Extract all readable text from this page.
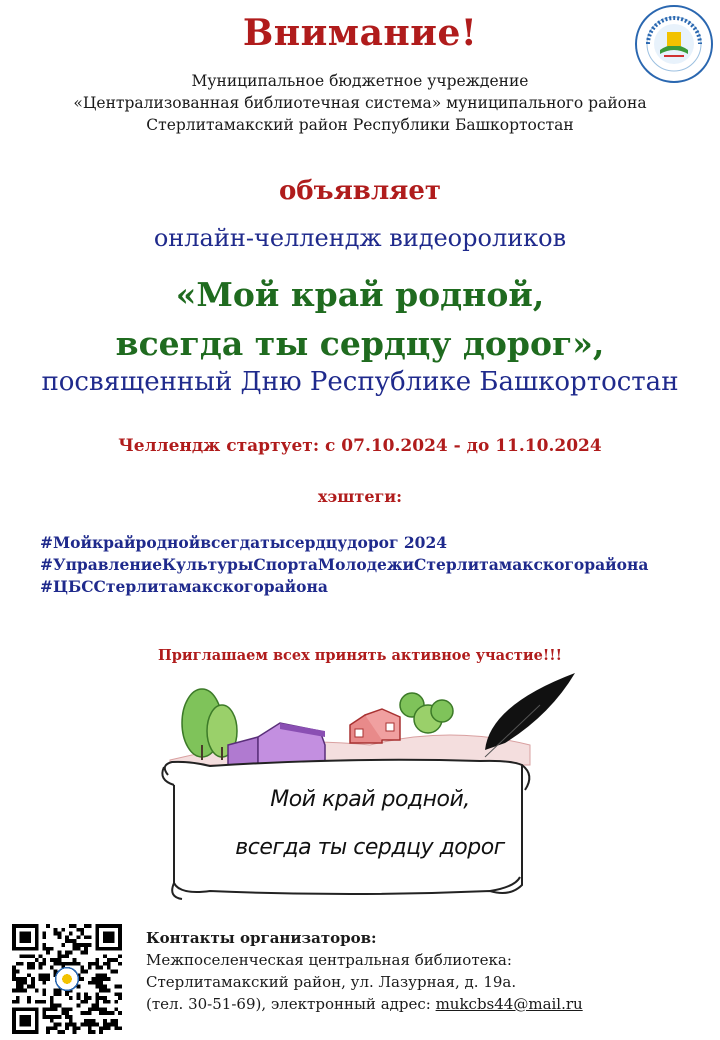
Внимание!
Муниципальное бюджетное учреждение
«Централизованная библиотечная система» муниципального района
Стерлитамакский район Республики Башкортостан
объявляет
онлайн-челлендж видеороликов
«Мой край родной,
всегда ты сердцу дорог»,
посвященный Дню Республике Башкортостан
Челлендж стартует: с 07.10.2024 - до 11.10.2024
хэштеги:
#Мойкрайроднойвсегдатысердцудорог 2024
#УправлениеКультурыСпортаМолодежиСтерлитамакскогорайона
#ЦБССтерлитамакскогорайона
Приглашаем всех принять активное участие!!!
Мой край родной,
всегда ты сердцу дорог
Контакты организаторов:
Межпоселенческая центральная библиотека:
Стерлитамакский район, ул. Лазурная, д. 19а.
(тел. 30-51-69), электронный адрес: mukcbs44@mail.ru
